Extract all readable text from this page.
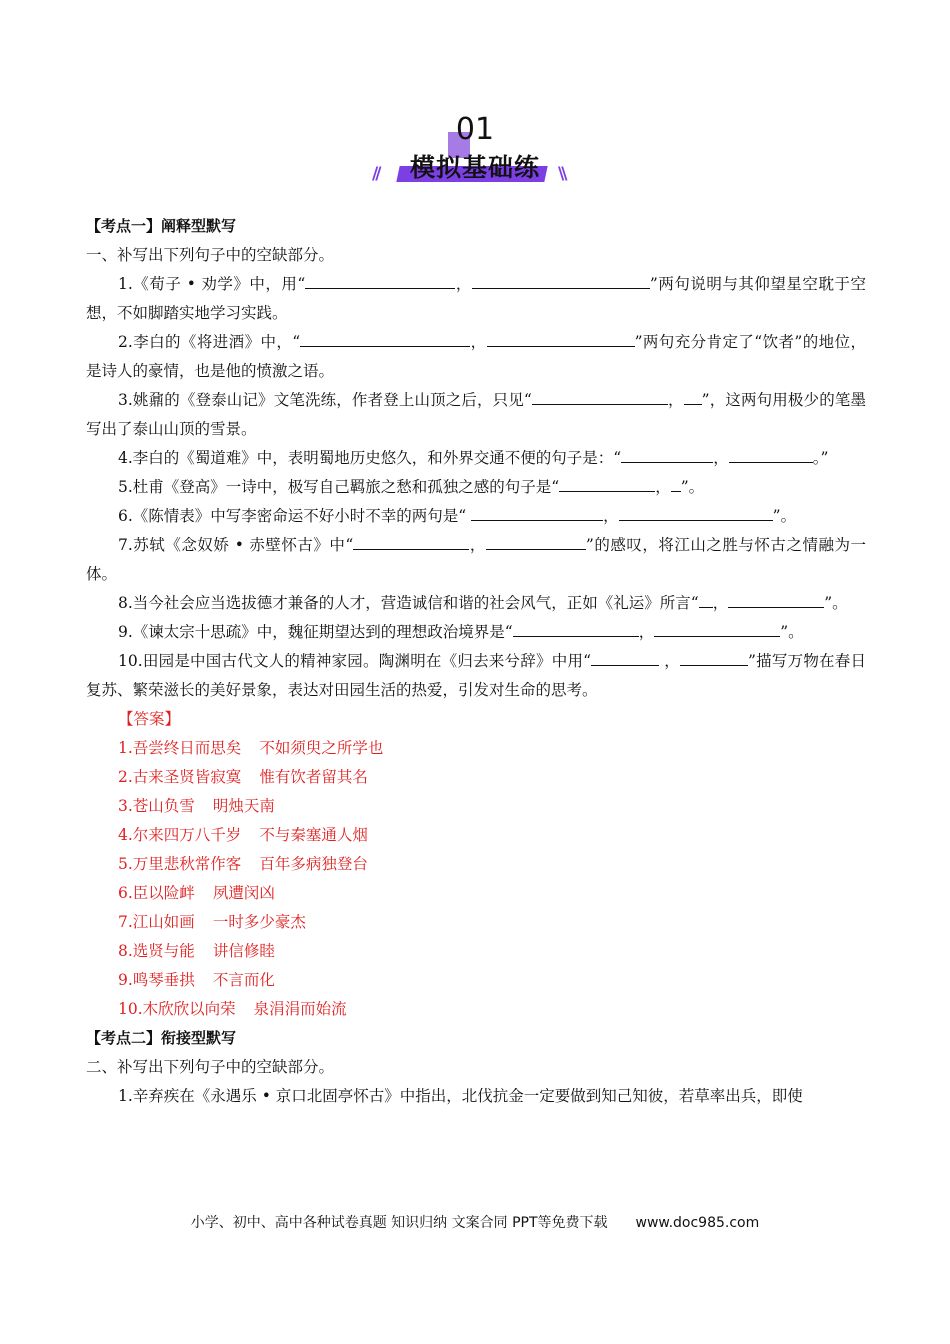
01
模拟基础练
//	\\

【考点一】阐释型默写

一、补写出下列句子中的空缺部分。

1.《荀子 • 劝学》中，用“	，	”两句说明与其仰望星空耽于空想，不如脚踏实地学习实践。

2.李白的《将进酒》中，“	，	”两句充分肯定了“饮者”的地位，是诗人的豪情，也是他的愤激之语。

3.姚鼐的《登泰山记》文笔洗练，作者登上山顶之后，只见“	， ”，这两句用极少的笔墨写出了泰山山顶的雪景。

4.李白的《蜀道难》中，表明蜀地历史悠久，和外界交通不便的句子是：“	，	。”

5.杜甫《登高》一诗中，极写自己羁旅之愁和孤独之感的句子是“	， ”。

6.《陈情表》中写李密命运不好小时不幸的两句是“	，	”。

7.苏轼《念奴娇 • 赤壁怀古》中“	，	”的感叹，将江山之胜与怀古之情融为一体。

8.当今社会应当选拔德才兼备的人才，营造诚信和谐的社会风气，正如《礼运》所言“ ，	”。

9.《谏太宗十思疏》中，魏征期望达到的理想政治境界是“	，	”。

10.田园是中国古代文人的精神家园。陶渊明在《归去来兮辞》中用“	，	”描写万物在春日复苏、繁荣滋长的美好景象，表达对田园生活的热爱，引发对生命的思考。

【答案】

1.吾尝终日而思矣 不如须臾之所学也

2.古来圣贤皆寂寞 惟有饮者留其名

3.苍山负雪 明烛天南

4.尔来四万八千岁 不与秦塞通人烟

5.万里悲秋常作客 百年多病独登台

6.臣以险衅 夙遭闵凶

7.江山如画 一时多少豪杰

8.选贤与能 讲信修睦

9.鸣琴垂拱 不言而化

10.木欣欣以向荣 泉涓涓而始流

【考点二】衔接型默写

二、补写出下列句子中的空缺部分。

1.辛弃疾在《永遇乐 • 京口北固亭怀古》中指出，北伐抗金一定要做到知己知彼，若草率出兵，即使

小学、初中、高中各种试卷真题 知识归纳 文案合同 PPT等免费下载 www.doc985.com
